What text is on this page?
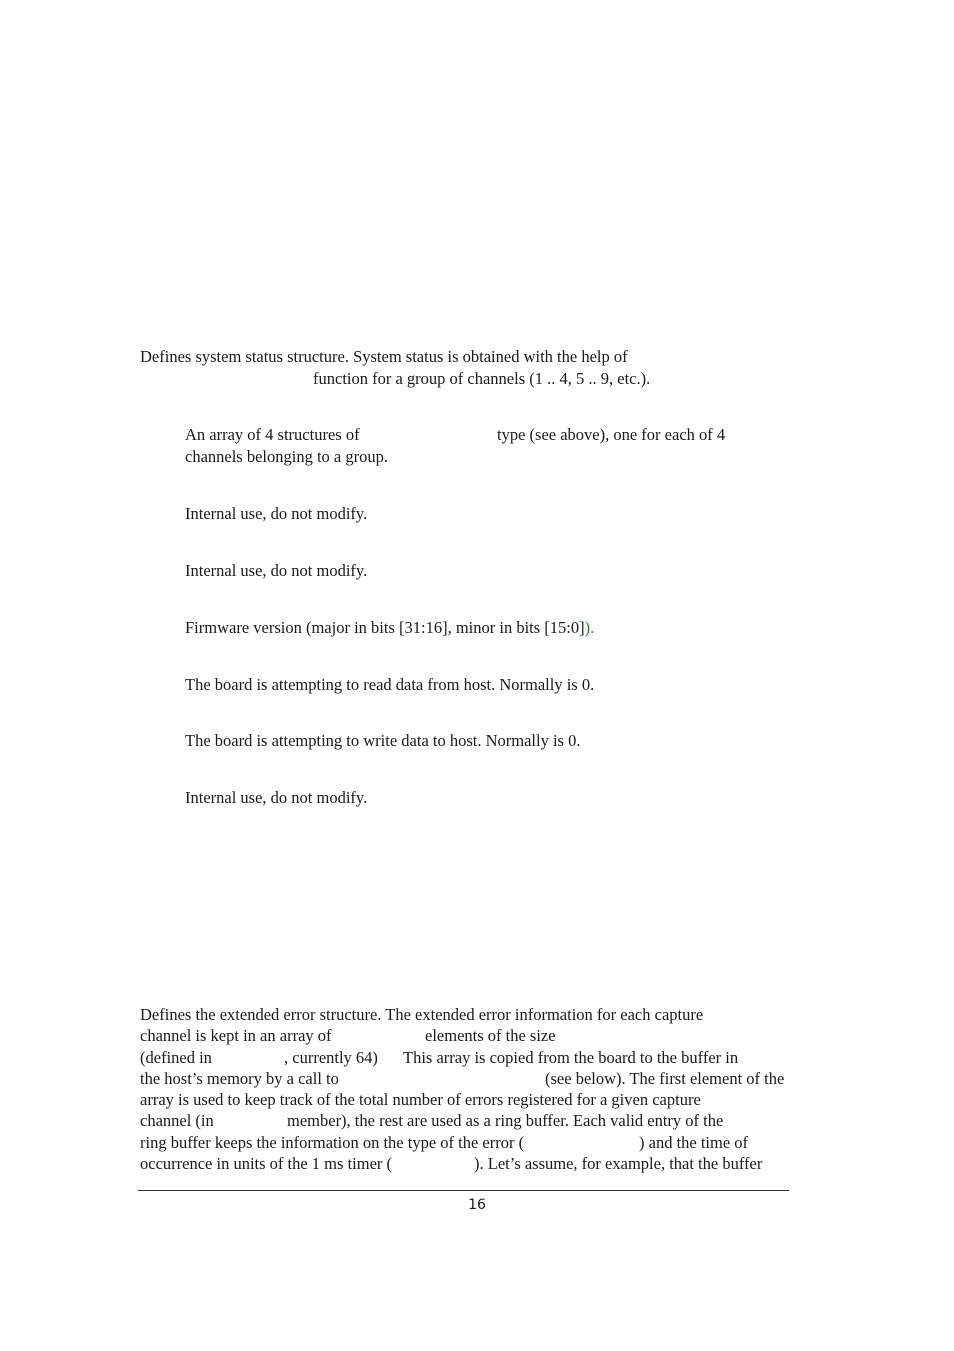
Defines system status structure. System status is obtained with the help of
function for a group of channels (1 .. 4, 5 .. 9, etc.).
An array of 4 structures of	type (see above), one for each of 4
channels belonging to a group.
Internal use, do not modify.
Internal use, do not modify.
Firmware version (major in bits [31:16], minor in bits [15:0]).
The board is attempting to read data from host. Normally is 0.
The board is attempting to write data to host. Normally is 0.
Internal use, do not modify.
Defines the extended error structure. The extended error information for each capture
channel is kept in an array of	elements of the size
(defined in	, currently 64) This array is copied from the board to the buffer in
the host’s memory by a call to	(see below). The first element of the
array is used to keep track of the total number of errors registered for a given capture
channel (in	member), the rest are used as a ring buffer. Each valid entry of the
ring buffer keeps the information on the type of the error (	) and the time of
occurrence in units of the 1 ms timer (	). Let’s assume, for example, that the buffer
16
